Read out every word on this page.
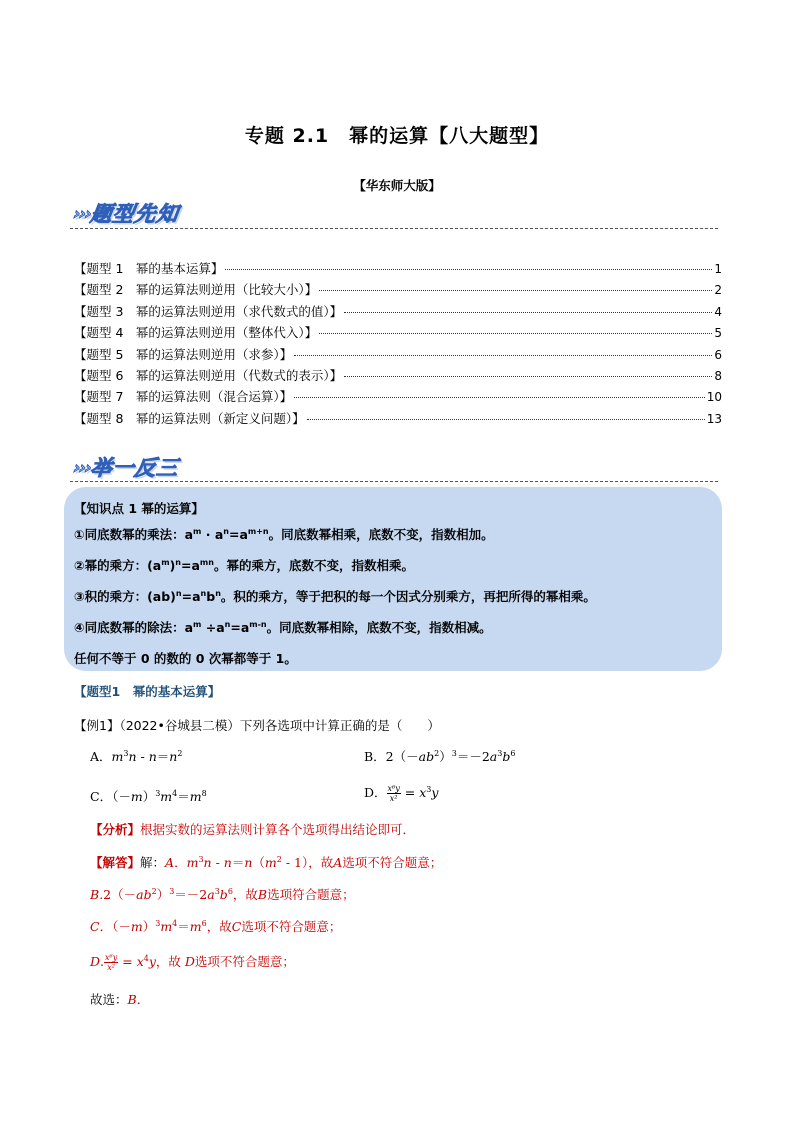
专题 2.1　幂的运算【八大题型】
【华东师大版】
›››题型先知
【题型 1　幂的基本运算】	1
【题型 2　幂的运算法则逆用（比较大小）】	2
【题型 3　幂的运算法则逆用（求代数式的值）】	4
【题型 4　幂的运算法则逆用（整体代入）】	5
【题型 5　幂的运算法则逆用（求参）】	6
【题型 6　幂的运算法则逆用（代数式的表示）】	8
【题型 7　幂的运算法则（混合运算）】	10
【题型 8　幂的运算法则（新定义问题）】	13
›››举一反三
【知识点 1 幂的运算】
①同底数幂的乘法：$a^m \cdot a^n=a^{m+n}$。同底数幂相乘，底数不变，指数相加。
②幂的乘方：$(a^m)^n=a^{mn}$。幂的乘方，底数不变，指数相乘。
③积的乘方：$(ab)^n=a^nb^n$。积的乘方，等于把积的每一个因式分别乘方，再把所得的幂相乘。
④同底数幂的除法：$a^m \div a^n=a^{m-n}$。同底数幂相除，底数不变，指数相减。
任何不等于 0 的数的 0 次幂都等于 1。
【题型1　幂的基本运算】
【例1】（2022•谷城县二模）下列各选项中计算正确的是（　　）
A．$m^3n - n=n^2$	B．$2(-ab^2)^3=-2a^3b^6$
C．$(-m)^3m^4=m^8$	D． $\frac{\text{x⁶y}}{\text{x²}} = x^3y$
【分析】根据实数的运算法则计算各个选项得出结论即可．
【解答】解：A．$m^3n - n=n(m^2 - 1)$，故A选项不符合题意；
$B.2(-ab^2)^3=-2a^3b^6$，故B选项符合题意；
C．$(-m)^3m^4=m^6$，故C选项不符合题意；
D. $\frac{\text{x⁶y}}{\text{x²}} = x^4y$，故 D选项不符合题意；
故选：B．
